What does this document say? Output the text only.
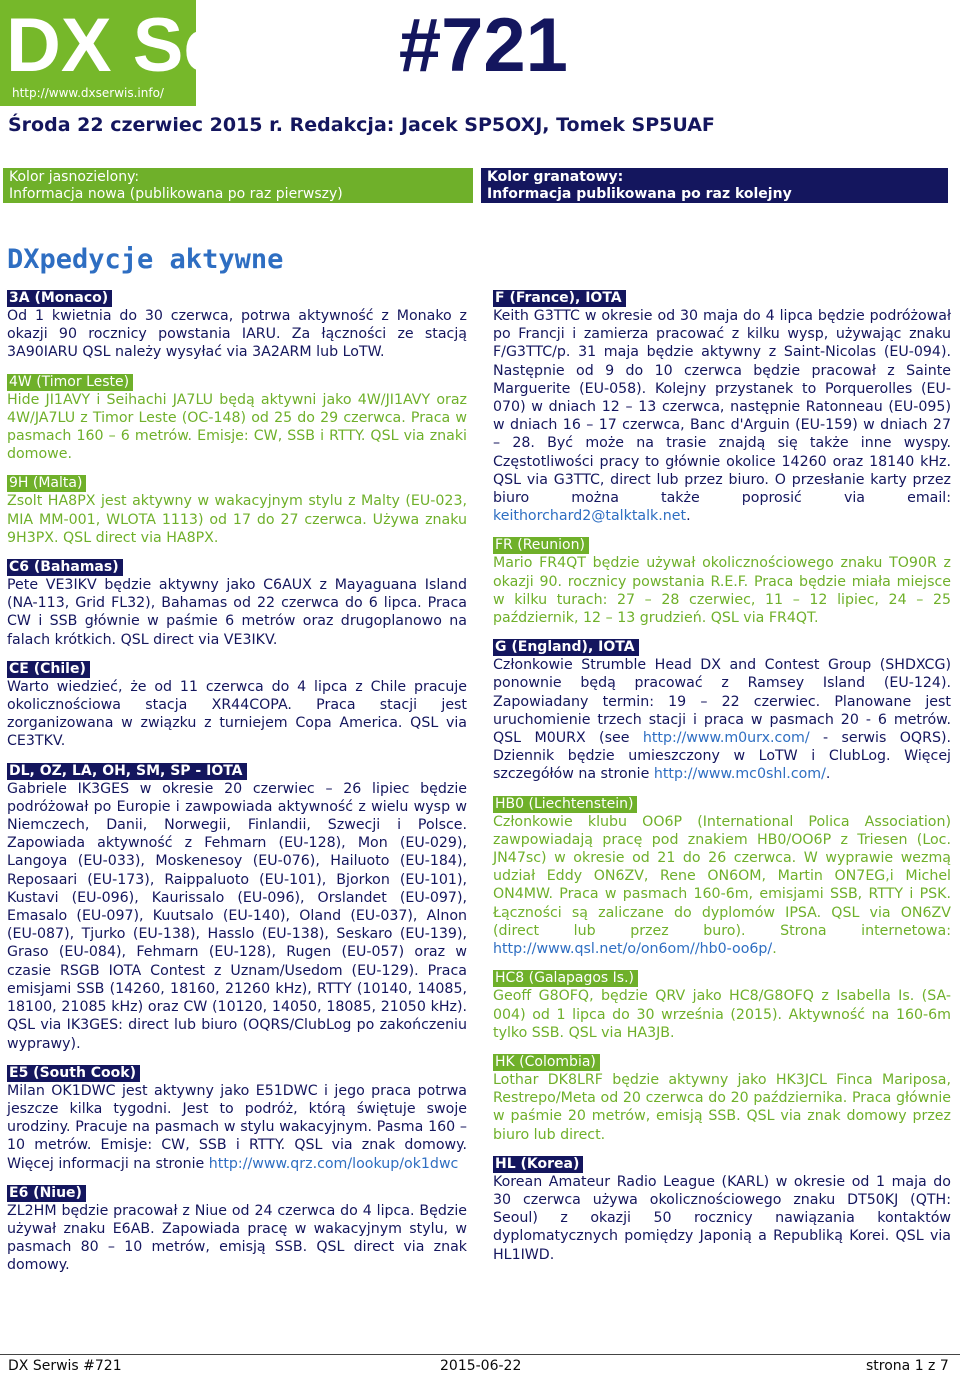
DX Serwis #721
http://www.dxserwis.info/
Środa 22 czerwiec 2015 r. Redakcja: Jacek SP5OXJ, Tomek SP5UAF
Kolor jasnozielony:
Informacja nowa (publikowana po raz pierwszy)
Kolor granatowy:
Informacja publikowana po raz kolejny
DXpedycje aktywne
3A (Monaco)
Od 1 kwietnia do 30 czerwca, potrwa aktywność z Monako z okazji 90 rocznicy powstania IARU. Za łączności ze stacją 3A90IARU QSL należy wysyłać via 3A2ARM lub LoTW.
4W (Timor Leste)
Hide JI1AVY i Seihachi JA7LU będą aktywni jako 4W/JI1AVY oraz 4W/JA7LU z Timor Leste (OC-148) od 25 do 29 czerwca. Praca w pasmach 160 – 6 metrów. Emisje: CW, SSB i RTTY. QSL via znaki domowe.
9H (Malta)
Zsolt HA8PX jest aktywny w wakacyjnym stylu z Malty (EU-023, MIA MM-001, WLOTA 1113) od 17 do 27 czerwca. Używa znaku 9H3PX. QSL direct via HA8PX.
C6 (Bahamas)
Pete VE3IKV będzie aktywny jako C6AUX z Mayaguana Island (NA-113, Grid FL32), Bahamas od 22 czerwca do 6 lipca. Praca CW i SSB głównie w paśmie 6 metrów oraz drugoplanowo na falach krótkich. QSL direct via VE3IKV.
CE (Chile)
Warto wiedzieć, że od 11 czerwca do 4 lipca z Chile pracuje okolicznościowa stacja XR44COPA. Praca stacji jest zorganizowana w związku z turniejem Copa America. QSL via CE3TKV.
DL, OZ, LA, OH, SM, SP - IOTA
Gabriele IK3GES w okresie 20 czerwiec – 26 lipiec będzie podróżował po Europie i zawpowiada aktywność z wielu wysp w Niemczech, Danii, Norwegii, Finlandii, Szwecji i Polsce. Zapowiada aktywność z Fehmarn (EU-128), Mon (EU-029), Langoya (EU-033), Moskenesoy (EU-076), Hailuoto (EU-184), Reposaari (EU-173), Raippaluoto (EU-101), Bjorkon (EU-101), Kustavi (EU-096), Kaurissalo (EU-096), Orslandet (EU-097), Emasalo (EU-097), Kuutsalo (EU-140), Oland (EU-037), Alnon (EU-087), Tjurko (EU-138), Hasslo (EU-138), Seskaro (EU-139), Graso (EU-084), Fehmarn (EU-128), Rugen (EU-057) oraz w czasie RSGB IOTA Contest z Uznam/Usedom (EU-129). Praca emisjami SSB (14260, 18160, 21260 kHz), RTTY (10140, 14085, 18100, 21085 kHz) oraz CW (10120, 14050, 18085, 21050 kHz). QSL via IK3GES: direct lub biuro (OQRS/ClubLog po zakończeniu wyprawy).
E5 (South Cook)
Milan OK1DWC jest aktywny jako E51DWC i jego praca potrwa jeszcze kilka tygodni. Jest to podróż, którą świętuje swoje urodziny. Pracuje na pasmach w stylu wakacyjnym. Pasma 160 – 10 metrów. Emisje: CW, SSB i RTTY. QSL via znak domowy. Więcej informacji na stronie http://www.qrz.com/lookup/ok1dwc
E6 (Niue)
ZL2HM będzie pracował z Niue od 24 czerwca do 4 lipca. Będzie używał znaku E6AB. Zapowiada pracę w wakacyjnym stylu, w pasmach 80 – 10 metrów, emisją SSB. QSL direct via znak domowy.
F (France), IOTA
Keith G3TTC w okresie od 30 maja do 4 lipca będzie podróżował po Francji i zamierza pracować z kilku wysp, używając znaku F/G3TTC/p. 31 maja będzie aktywny z Saint-Nicolas (EU-094). Następnie od 9 do 10 czerwca będzie pracował z Sainte Marguerite (EU-058). Kolejny przystanek to Porquerolles (EU-070) w dniach 12 – 13 czerwca, następnie Ratonneau (EU-095) w dniach 16 – 17 czerwca, Banc d'Arguin (EU-159) w dniach 27 – 28. Być może na trasie znajdą się także inne wyspy. Częstotliwości pracy to głównie okolice 14260 oraz 18140 kHz. QSL via G3TTC, direct lub przez biuro. O przesłanie karty przez biuro można także poprosić via email: keithorchard2@talktalk.net.
FR (Reunion)
Mario FR4QT będzie używał okolicznościowego znaku TO90R z okazji 90. rocznicy powstania R.E.F. Praca będzie miała miejsce w kilku turach: 27 – 28 czerwiec, 11 – 12 lipiec, 24 – 25 październik, 12 – 13 grudzień. QSL via FR4QT.
G (England), IOTA
Członkowie Strumble Head DX and Contest Group (SHDXCG) ponownie będą pracować z Ramsey Island (EU-124). Zapowiadany termin: 19 – 22 czerwiec. Planowane jest uruchomienie trzech stacji i praca w pasmach 20 - 6 metrów. QSL M0URX (see http://www.m0urx.com/ - serwis OQRS). Dziennik będzie umieszczony w LoTW i ClubLog. Więcej szczegółów na stronie http://www.mc0shl.com/.
HB0 (Liechtenstein)
Członkowie klubu OO6P (International Polica Association) zawpowiadają pracę pod znakiem HB0/OO6P z Triesen (Loc. JN47sc) w okresie od 21 do 26 czerwca. W wyprawie wezmą udział Eddy ON6ZV, Rene ON6OM, Martin ON7EG,i Michel ON4MW. Praca w pasmach 160-6m, emisjami SSB, RTTY i PSK. Łączności są zaliczane do dyplomów IPSA. QSL via ON6ZV (direct lub przez buro). Strona internetowa: http://www.qsl.net/o/on6om//hb0-oo6p/.
HC8 (Galapagos Is.)
Geoff G8OFQ, będzie QRV jako HC8/G8OFQ z Isabella Is. (SA-004) od 1 lipca do 30 września (2015). Aktywność na 160-6m tylko SSB. QSL via HA3JB.
HK (Colombia)
Lothar DK8LRF będzie aktywny jako HK3JCL Finca Mariposa, Restrepo/Meta od 20 czerwca do 20 października. Praca głównie w paśmie 20 metrów, emisją SSB. QSL via znak domowy przez biuro lub direct.
HL (Korea)
Korean Amateur Radio League (KARL) w okresie od 1 maja do 30 czerwca używa okolicznościowego znaku DT50KJ (QTH: Seoul) z okazji 50 rocznicy nawiązania kontaktów dyplomatycznych pomiędzy Japonią a Republiką Korei. QSL via HL1IWD.
DX Serwis #721	2015-06-22	strona 1 z 7
